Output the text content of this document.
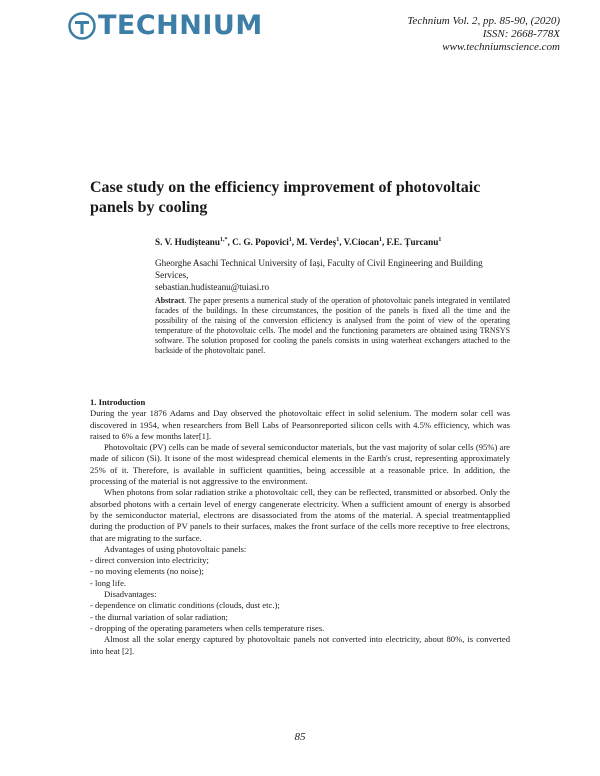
TECHNIUM	Technium Vol. 2, pp. 85-90, (2020)
ISSN: 2668-778X
www.techniumscience.com
Case study on the efficiency improvement of photovoltaic panels by cooling
S. V. Hudișteanu$^{1,*}$, C. G. Popovici$^1$, M. Verdeș$^1$, V.Ciocan$^1$, F.E. Țurcanu$^1$
Gheorghe Asachi Technical University of Iași, Faculty of Civil Engineering and Building Services,
sebastian.hudisteanu@tuiasi.ro
Abstract. The paper presents a numerical study of the operation of photovoltaic panels integrated in ventilated facades of the buildings. In these circumstances, the position of the panels is fixed all the time and the possibility of the raising of the conversion efficiency is analysed from the point of view of the operating temperature of the photovoltaic cells. The model and the functioning parameters are obtained using TRNSYS software. The solution proposed for cooling the panels consists in using waterheat exchangers attached to the backside of the photovoltaic panel.
1. Introduction

During the year 1876 Adams and Day observed the photovoltaic effect in solid selenium. The modern solar cell was discovered in 1954, when researchers from Bell Labs of Pearsonreported silicon cells with 4.5% efficiency, which was raised to 6% a few months later[1].

Photovoltaic (PV) cells can be made of several semiconductor materials, but the vast majority of solar cells (95%) are made of silicon (Si). It isone of the most widespread chemical elements in the Earth's crust, representing approximately 25% of it. Therefore, is available in sufficient quantities, being accessible at a reasonable price. In addition, the processing of the material is not aggressive to the environment.

When photons from solar radiation strike a photovoltaic cell, they can be reflected, transmitted or absorbed. Only the absorbed photons with a certain level of energy cangenerate electricity. When a sufficient amount of energy is absorbed by the semiconductor material, electrons are disassociated from the atoms of the material. A special treatmentapplied during the production of PV panels to their surfaces, makes the front surface of the cells more receptive to free electrons, that are migrating to the surface.

Advantages of using photovoltaic panels:

- direct conversion into electricity;

- no moving elements (no noise);

- long life.

Disadvantages:

- dependence on climatic conditions (clouds, dust etc.);

- the diurnal variation of solar radiation;

- dropping of the operating parameters when cells temperature rises.

Almost all the solar energy captured by photovoltaic panels not converted into electricity, about 80%, is converted into heat [2].

85
